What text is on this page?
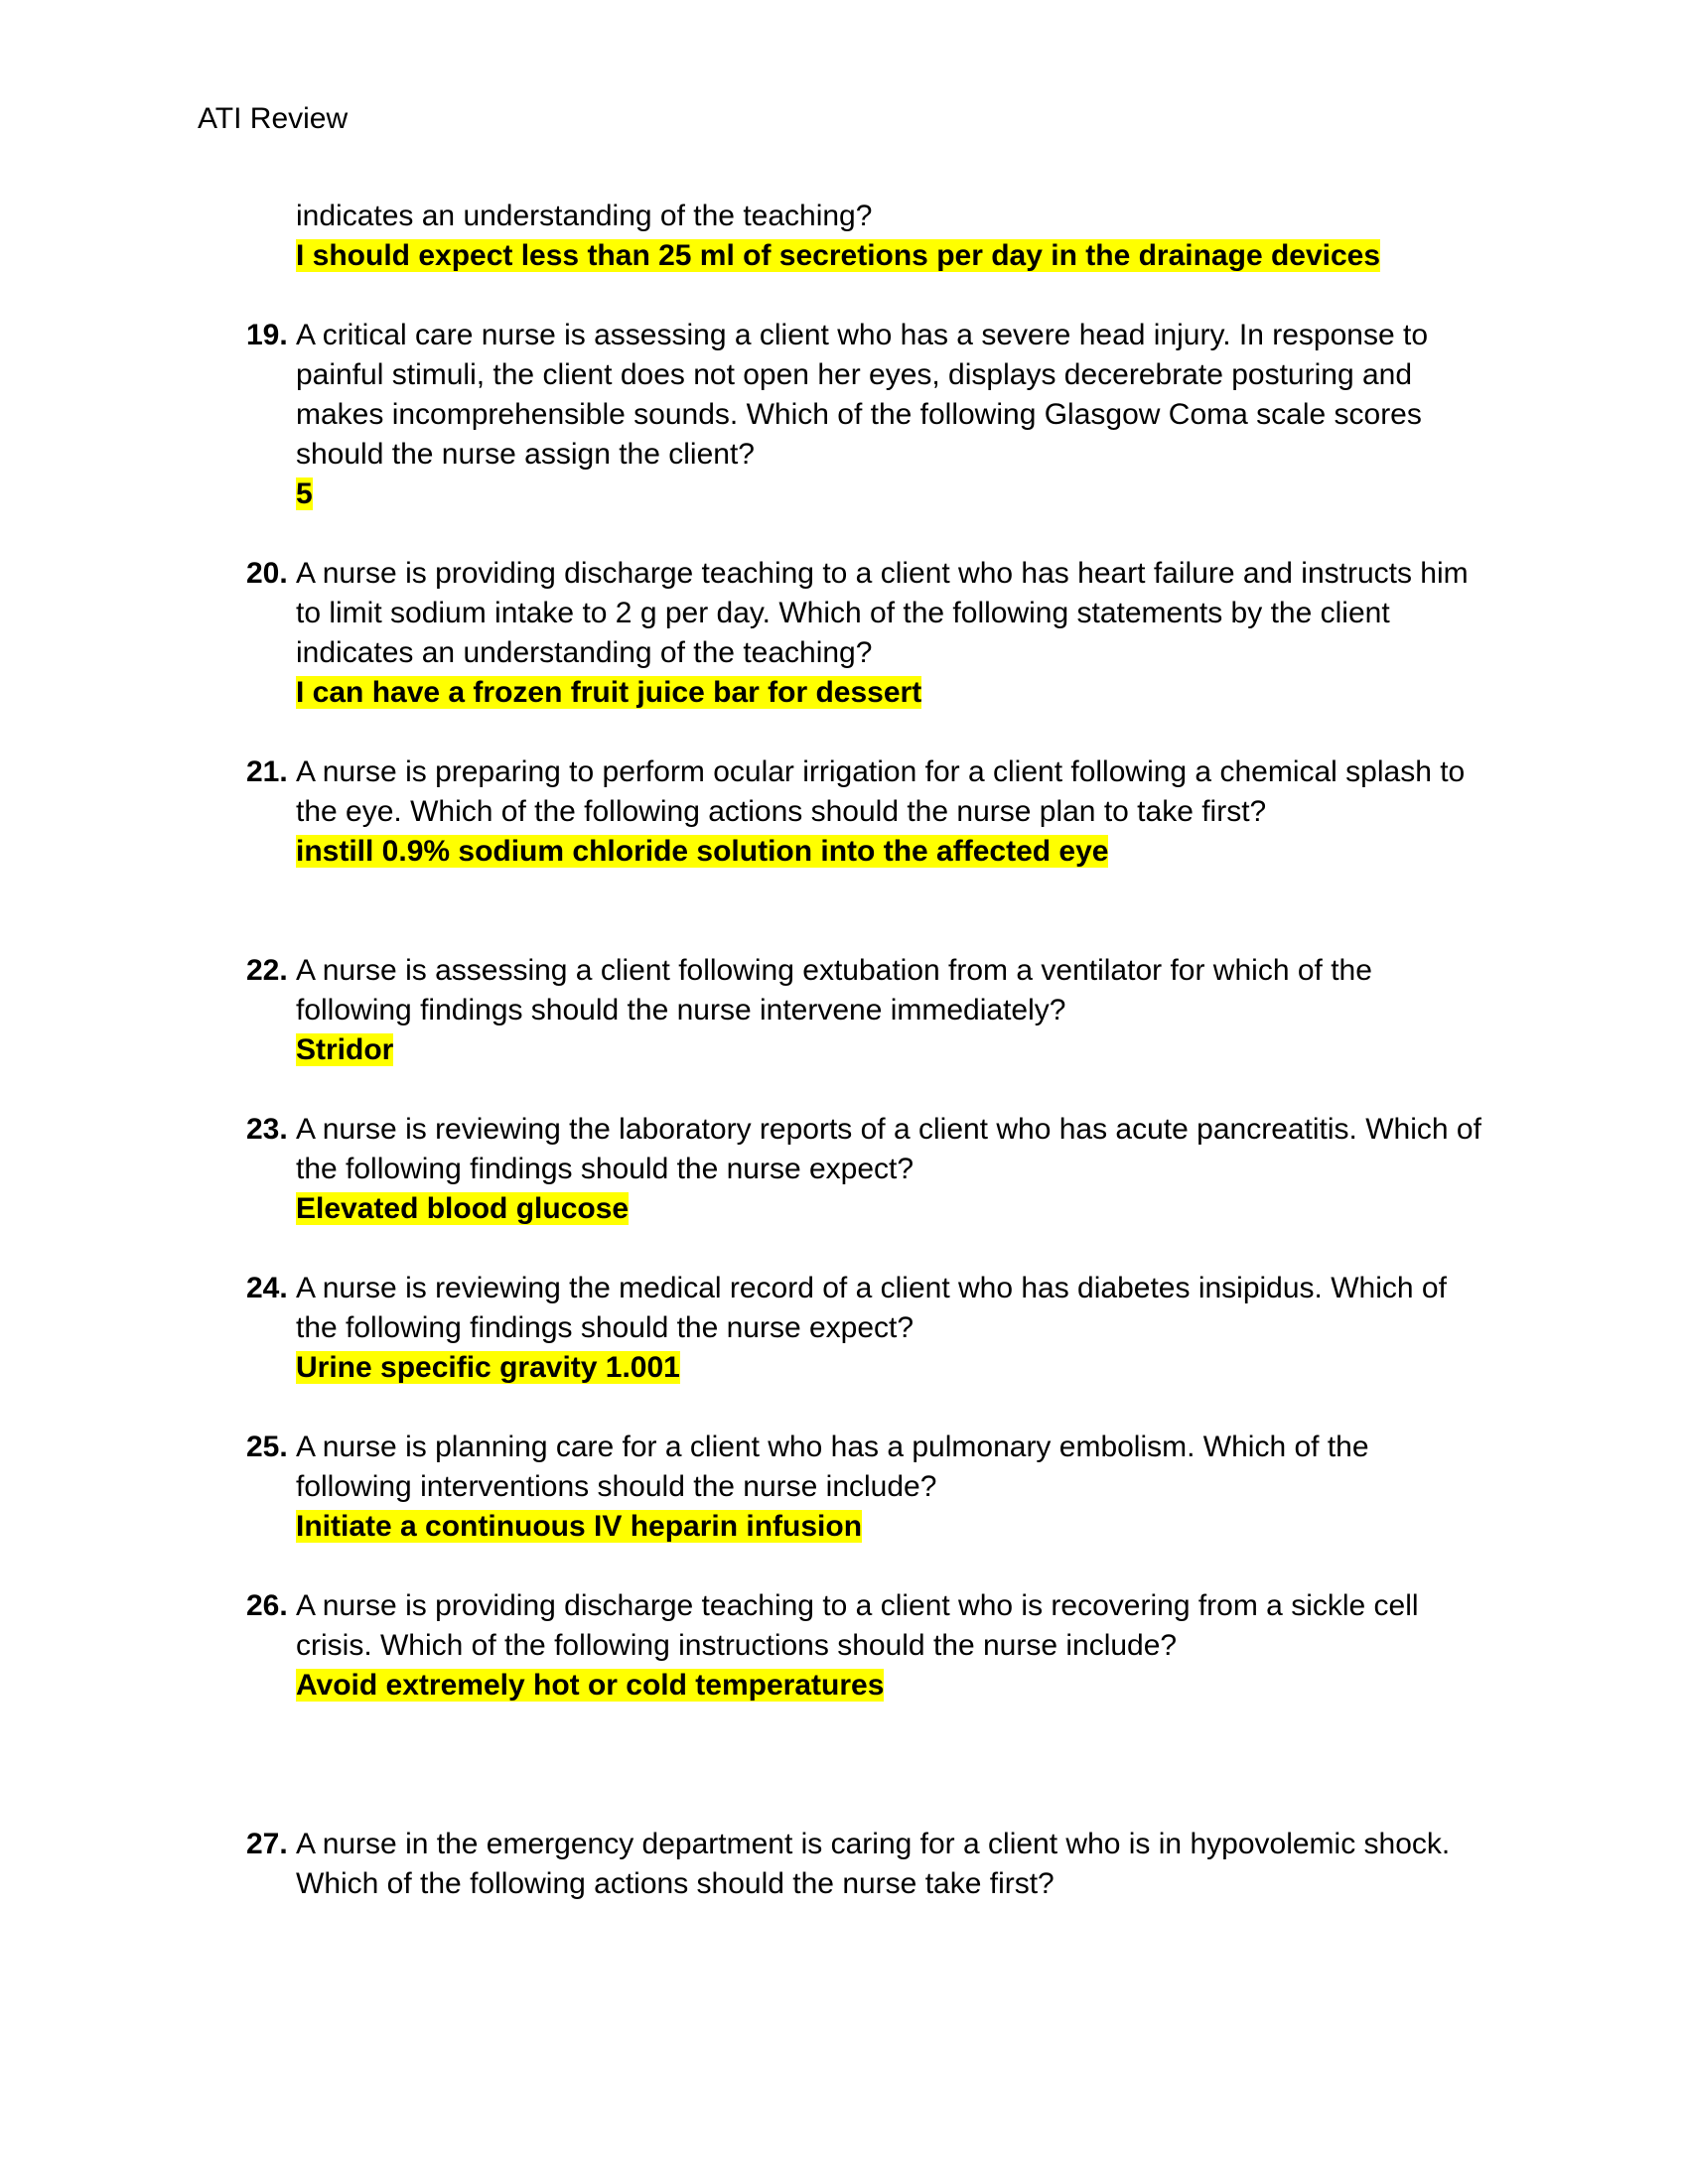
ATI Review
indicates an understanding of the teaching?
I should expect less than 25 ml of secretions per day in the drainage devices
19. A critical care nurse is assessing a client who has a severe head injury. In response to painful stimuli, the client does not open her eyes, displays decerebrate posturing and makes incomprehensible sounds. Which of the following Glasgow Coma scale scores should the nurse assign the client?
5
20. A nurse is providing discharge teaching to a client who has heart failure and instructs him to limit sodium intake to 2 g per day. Which of the following statements by the client indicates an understanding of the teaching?
I can have a frozen fruit juice bar for dessert
21. A nurse is preparing to perform ocular irrigation for a client following a chemical splash to the eye. Which of the following actions should the nurse plan to take first?
instill 0.9% sodium chloride solution into the affected eye
22. A nurse is assessing a client following extubation from a ventilator for which of the following findings should the nurse intervene immediately?
Stridor
23. A nurse is reviewing the laboratory reports of a client who has acute pancreatitis. Which of the following findings should the nurse expect?
Elevated blood glucose
24. A nurse is reviewing the medical record of a client who has diabetes insipidus. Which of the following findings should the nurse expect?
Urine specific gravity 1.001
25. A nurse is planning care for a client who has a pulmonary embolism. Which of the following interventions should the nurse include?
Initiate a continuous IV heparin infusion
26. A nurse is providing discharge teaching to a client who is recovering from a sickle cell crisis. Which of the following instructions should the nurse include?
Avoid extremely hot or cold temperatures
27. A nurse in the emergency department is caring for a client who is in hypovolemic shock. Which of the following actions should the nurse take first?
